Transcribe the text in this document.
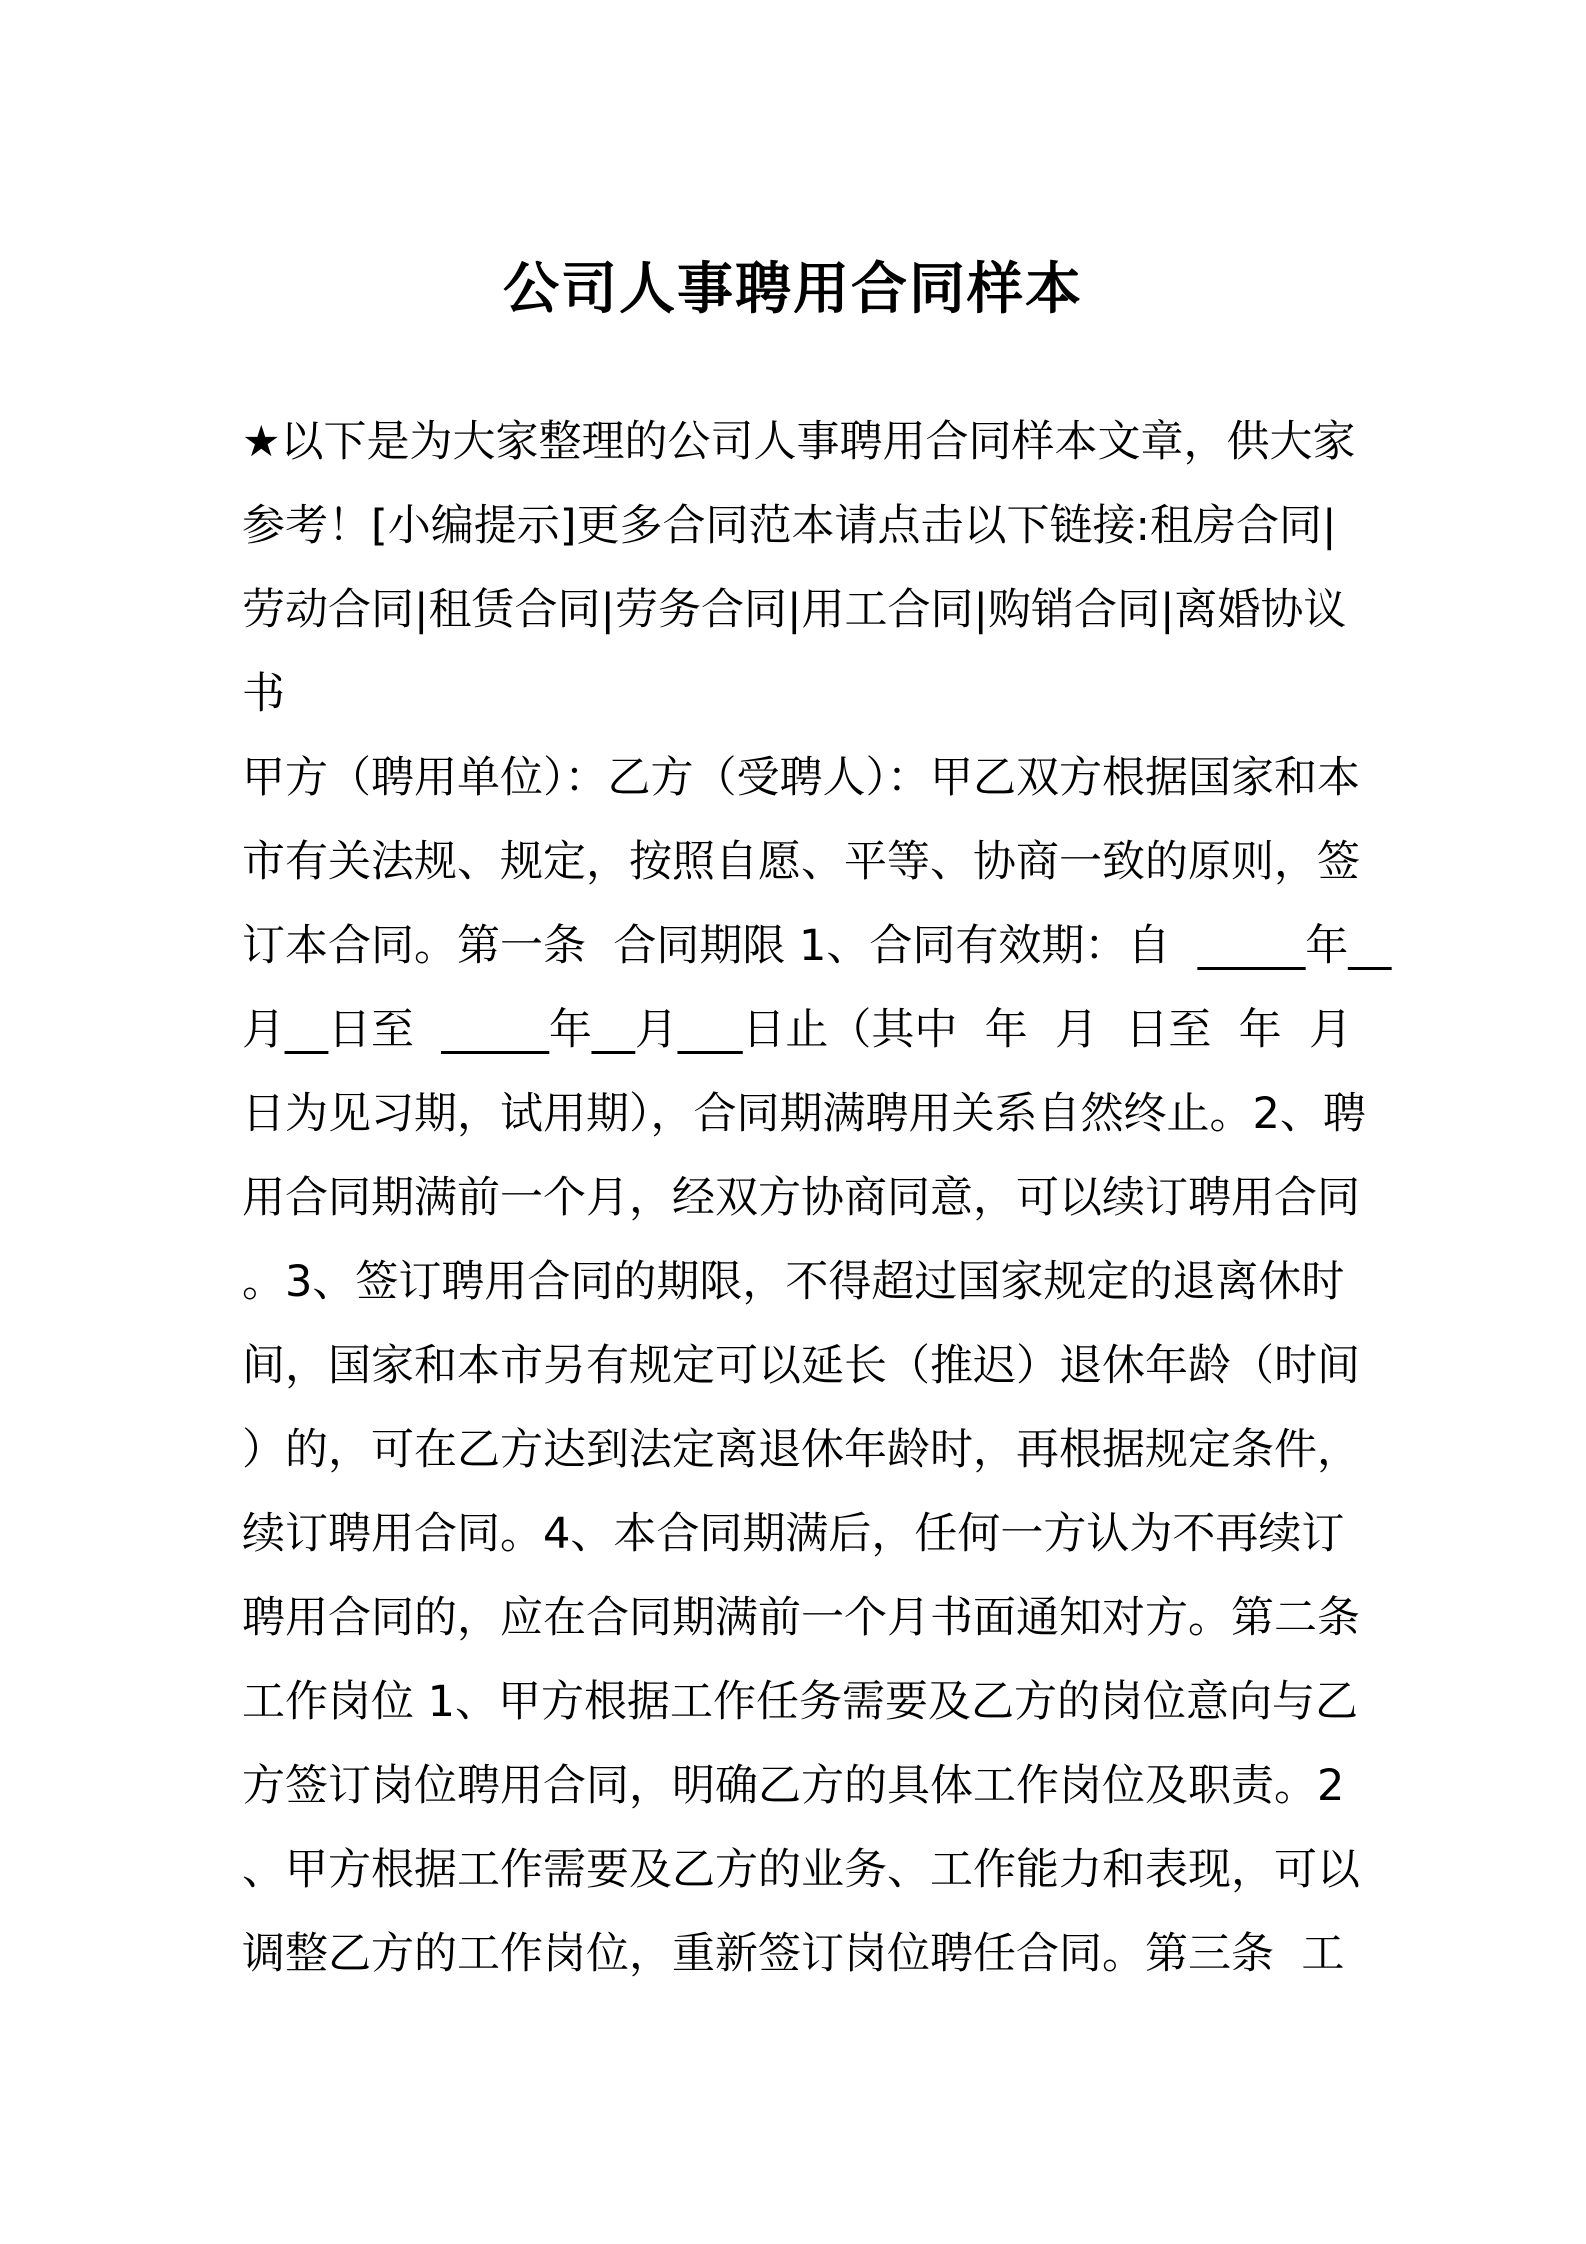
公司人事聘用合同样本
★以下是为大家整理的公司人事聘用合同样本文章，供大家
参考！[小编提示]更多合同范本请点击以下链接:租房合同|
劳动合同|租赁合同|劳务合同|用工合同|购销合同|离婚协议
书
甲方（聘用单位）：乙方（受聘人）：甲乙双方根据国家和本
市有关法规、规定，按照自愿、平等、协商一致的原则，签
订本合同。第一条  合同期限 1、合同有效期：自  _____年__
月__日至  _____年__月___日止（其中  年  月  日至  年  月
日为见习期，试用期），合同期满聘用关系自然终止。2、聘
用合同期满前一个月，经双方协商同意，可以续订聘用合同
。3、签订聘用合同的期限，不得超过国家规定的退离休时
间，国家和本市另有规定可以延长（推迟）退休年龄（时间
）的，可在乙方达到法定离退休年龄时，再根据规定条件，
续订聘用合同。4、本合同期满后，任何一方认为不再续订
聘用合同的，应在合同期满前一个月书面通知对方。第二条
工作岗位 1、甲方根据工作任务需要及乙方的岗位意向与乙
方签订岗位聘用合同，明确乙方的具体工作岗位及职责。2
、甲方根据工作需要及乙方的业务、工作能力和表现，可以
调整乙方的工作岗位，重新签订岗位聘任合同。第三条  工
